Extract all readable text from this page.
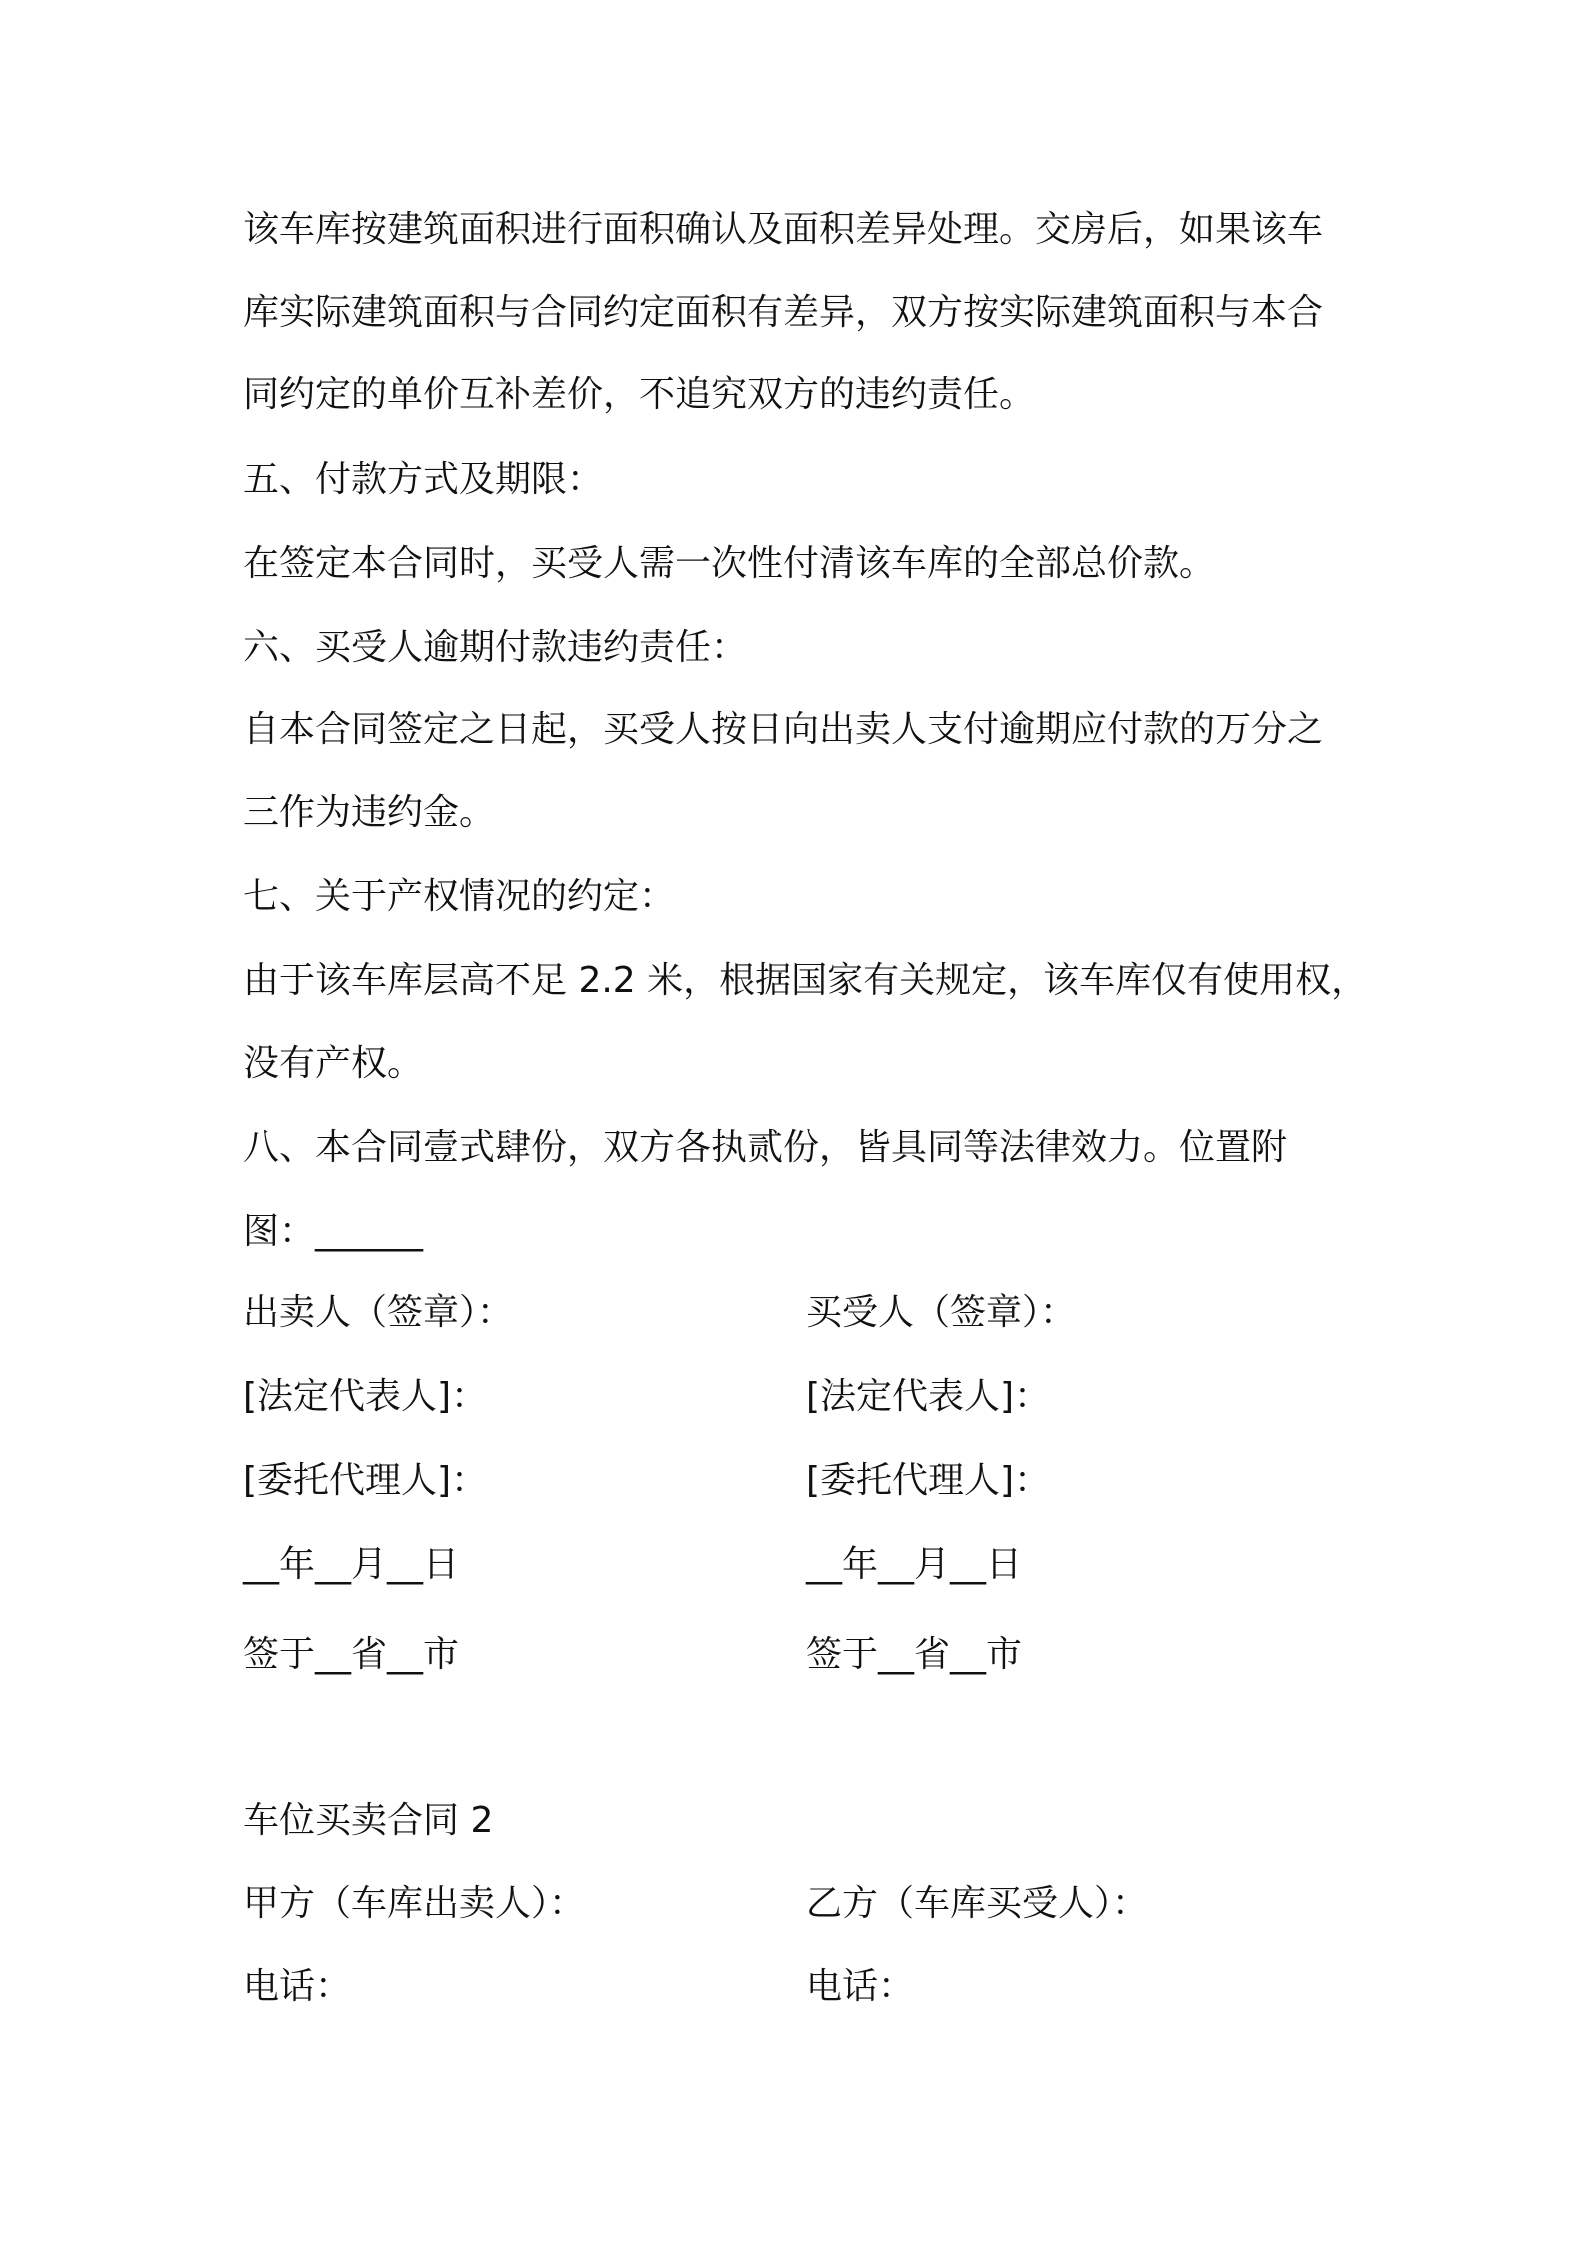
该车库按建筑面积进行面积确认及面积差异处理。交房后，如果该车
库实际建筑面积与合同约定面积有差异，双方按实际建筑面积与本合
同约定的单价互补差价，不追究双方的违约责任。
五、付款方式及期限：
在签定本合同时，买受人需一次性付清该车库的全部总价款。
六、买受人逾期付款违约责任：
自本合同签定之日起，买受人按日向出卖人支付逾期应付款的万分之
三作为违约金。
七、关于产权情况的约定：
由于该车库层高不足 2.2 米，根据国家有关规定，该车库仅有使用权，
没有产权。
八、本合同壹式肆份，双方各执贰份，皆具同等法律效力。位置附
图：______
出卖人（签章）：
[法定代表人]：
[委托代理人]：
__年__月__日
签于__省__市
买受人（签章）：
[法定代表人]：
[委托代理人]：
__年__月__日
签于__省__市
车位买卖合同 2
甲方（车库出卖人）：	乙方（车库买受人）：
电话：	电话：
